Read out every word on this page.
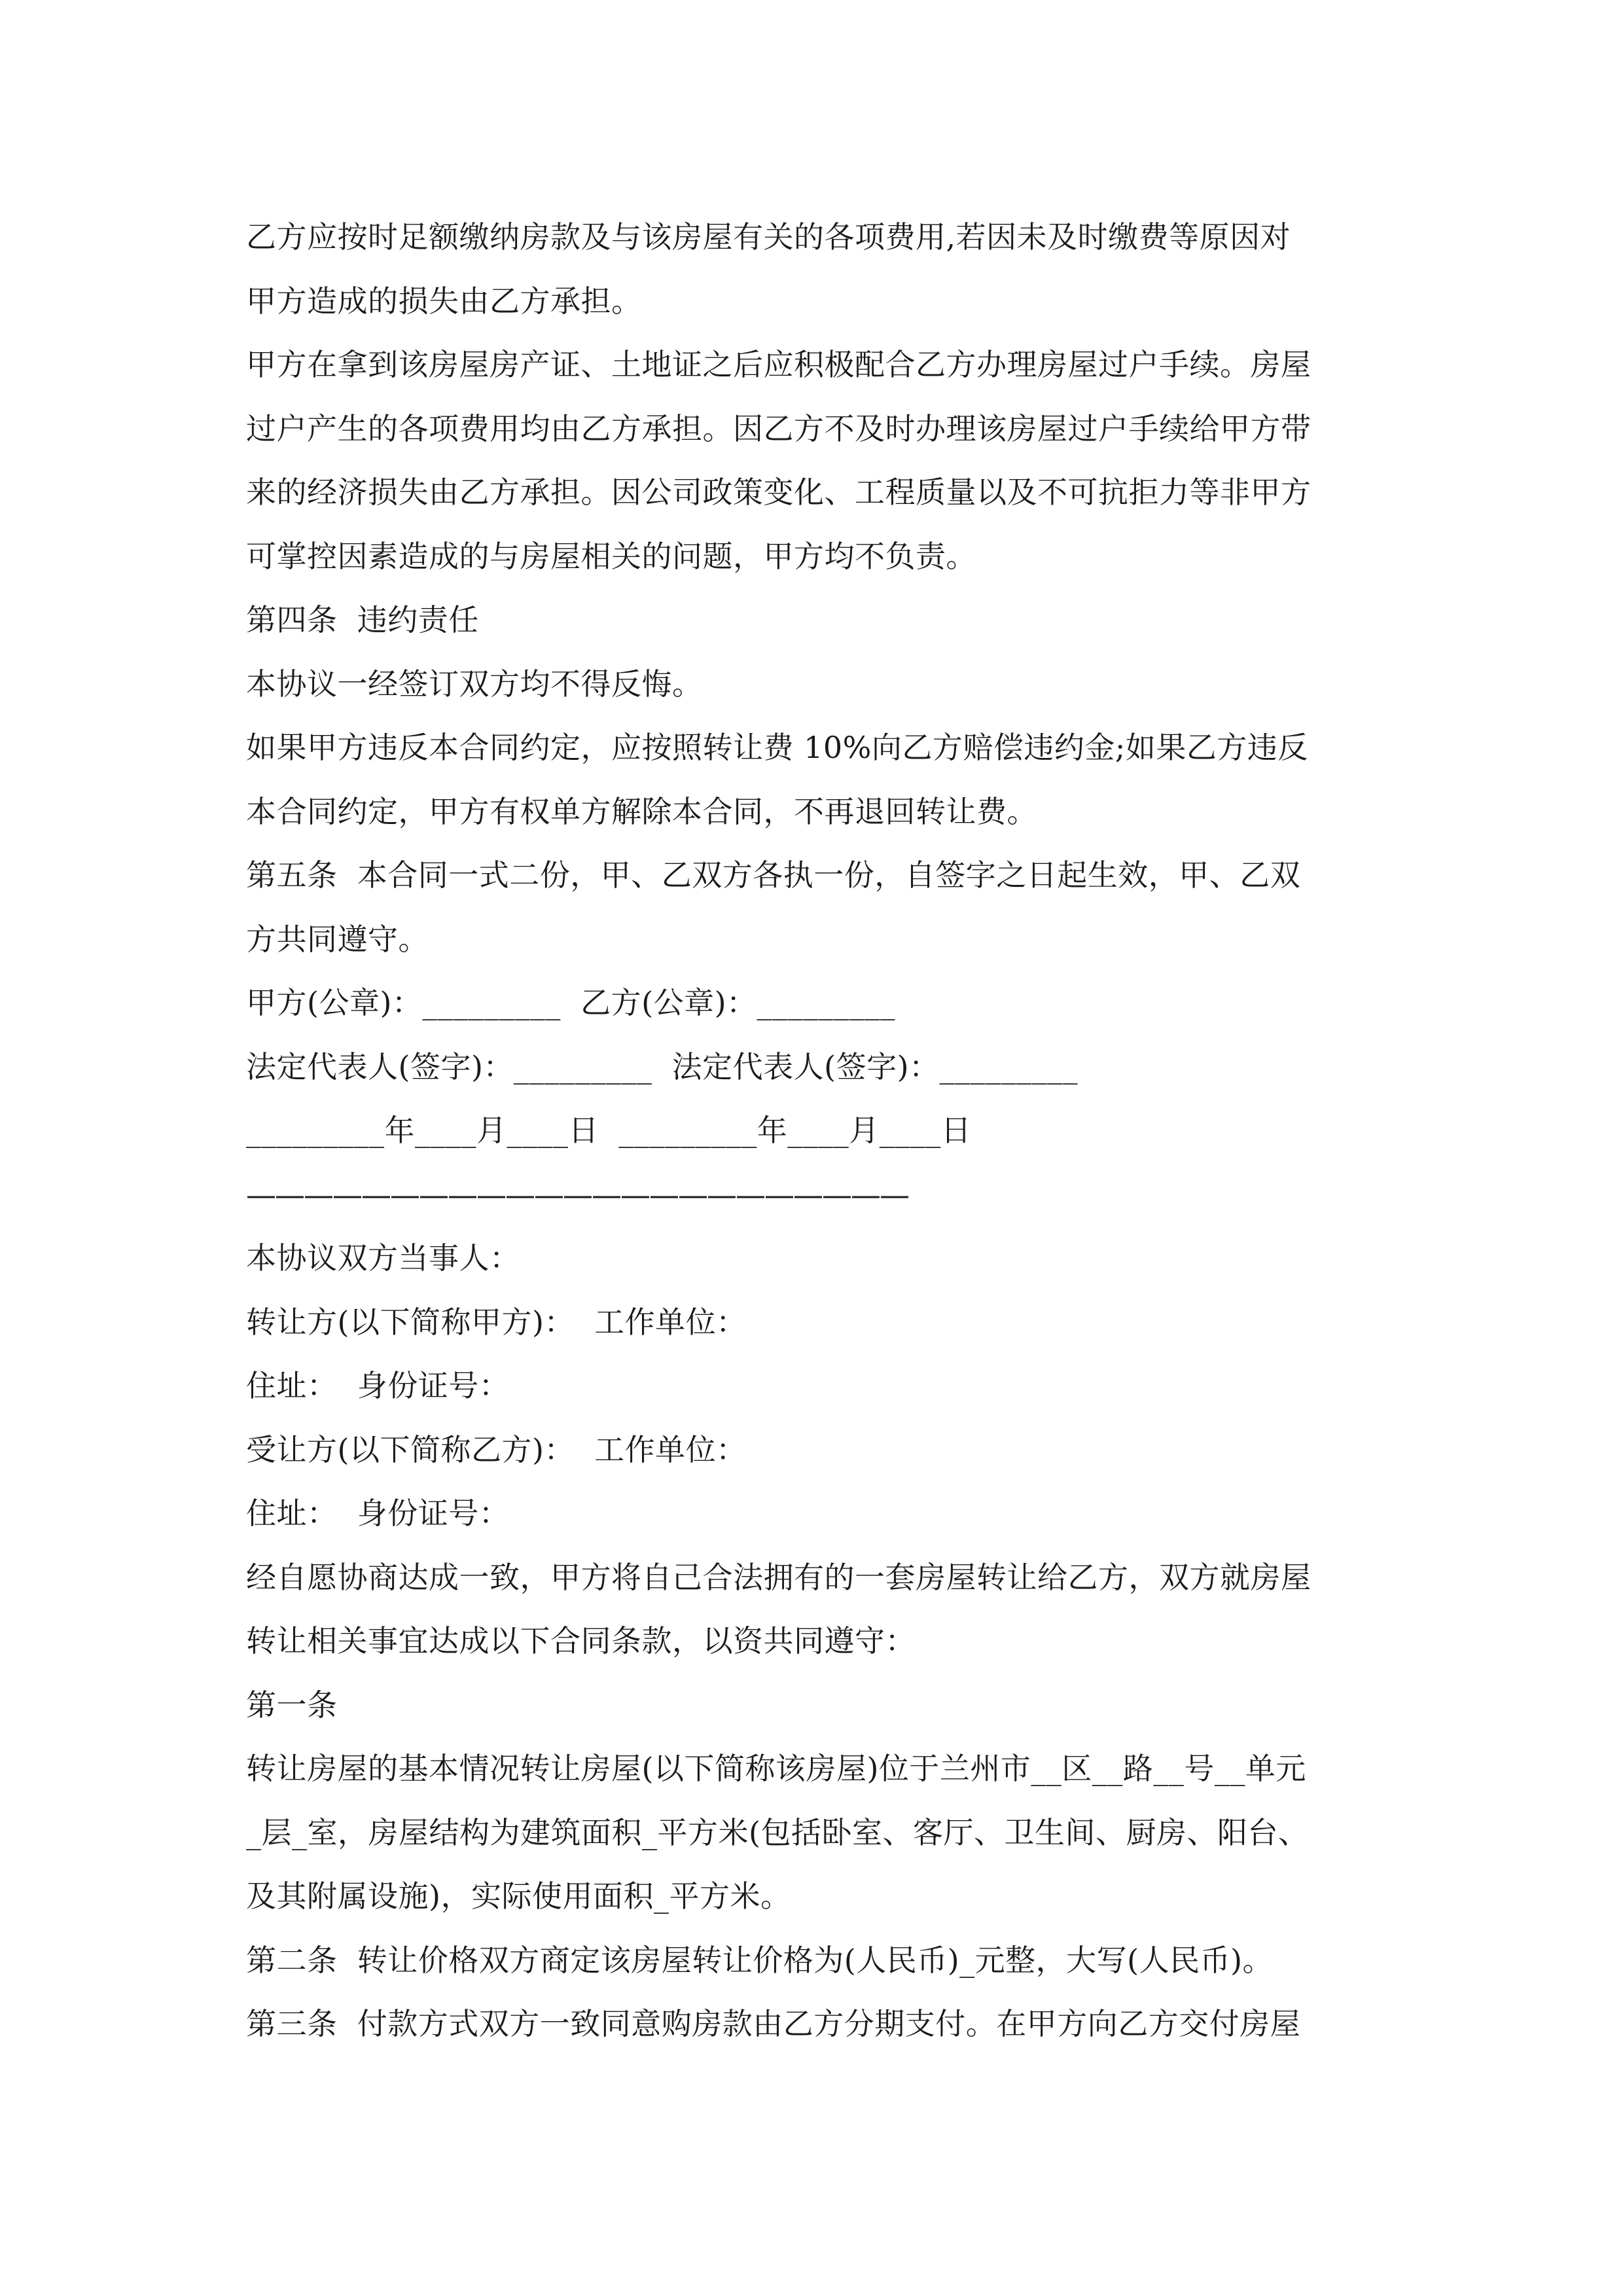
乙方应按时足额缴纳房款及与该房屋有关的各项费用,若因未及时缴费等原因对
甲方造成的损失由乙方承担。
甲方在拿到该房屋房产证、土地证之后应积极配合乙方办理房屋过户手续。房屋
过户产生的各项费用均由乙方承担。因乙方不及时办理该房屋过户手续给甲方带
来的经济损失由乙方承担。因公司政策变化、工程质量以及不可抗拒力等非甲方
可掌控因素造成的与房屋相关的问题，甲方均不负责。
第四条  违约责任
本协议一经签订双方均不得反悔。
如果甲方违反本合同约定，应按照转让费 10%向乙方赔偿违约金;如果乙方违反
本合同约定，甲方有权单方解除本合同，不再退回转让费。
第五条  本合同一式二份，甲、乙双方各执一份，自签字之日起生效，甲、乙双
方共同遵守。
甲方(公章)：_________  乙方(公章)：_________
法定代表人(签字)：_________  法定代表人(签字)：_________
_________年____月____日  _________年____月____日
———————————————————————
本协议双方当事人：
转让方(以下简称甲方)：  工作单位：
住址：  身份证号：
受让方(以下简称乙方)：  工作单位：
住址：  身份证号：
经自愿协商达成一致，甲方将自己合法拥有的一套房屋转让给乙方，双方就房屋
转让相关事宜达成以下合同条款，以资共同遵守：
第一条
转让房屋的基本情况转让房屋(以下简称该房屋)位于兰州市__区__路__号__单元
_层_室，房屋结构为建筑面积_平方米(包括卧室、客厅、卫生间、厨房、阳台、
及其附属设施)，实际使用面积_平方米。
第二条  转让价格双方商定该房屋转让价格为(人民币)_元整，大写(人民币)。
第三条  付款方式双方一致同意购房款由乙方分期支付。在甲方向乙方交付房屋
